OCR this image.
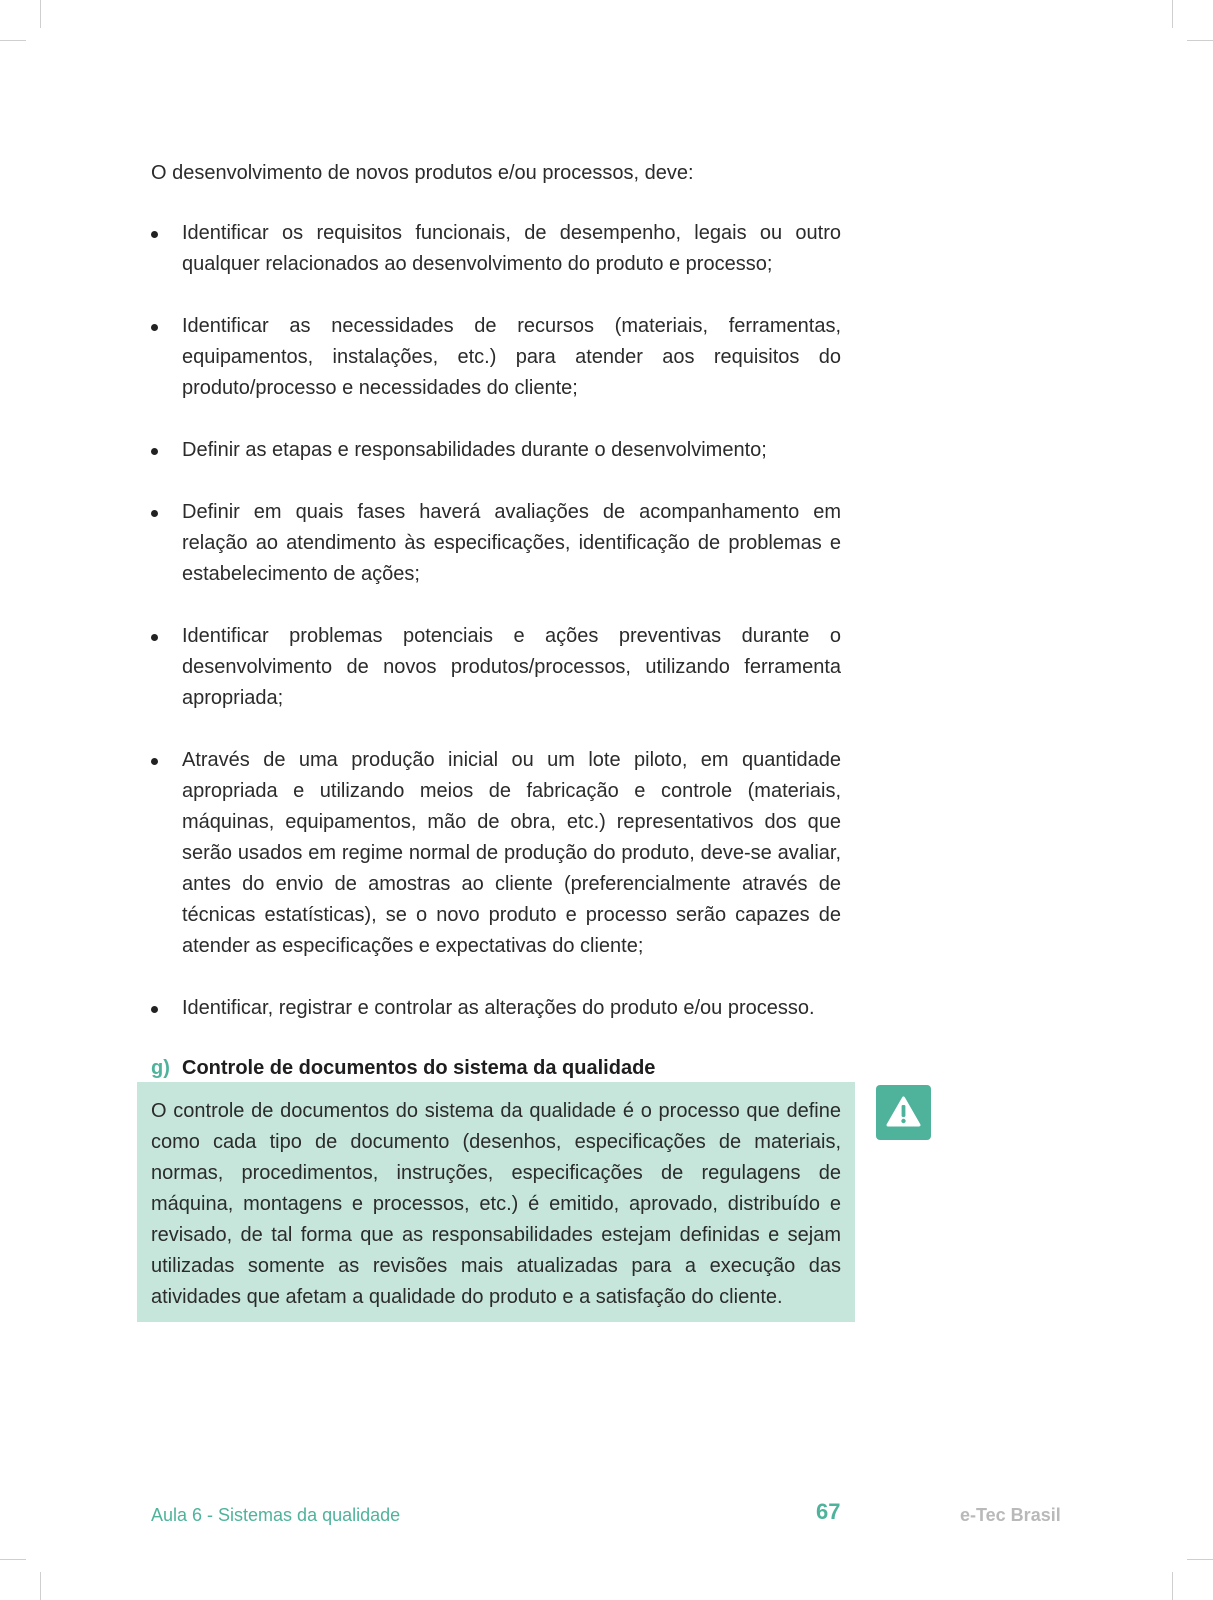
O desenvolvimento de novos produtos e/ou processos, deve:

Identificar os requisitos funcionais, de desempenho, legais ou outro qualquer relacionados ao desenvolvimento do produto e processo;
Identificar as necessidades de recursos (materiais, ferramentas, equipamentos, instalações, etc.) para atender aos requisitos do produto/processo e necessidades do cliente;
Definir as etapas e responsabilidades durante o desenvolvimento;
Definir em quais fases haverá avaliações de acompanhamento em relação ao atendimento às especificações, identificação de problemas e estabelecimento de ações;
Identificar problemas potenciais e ações preventivas durante o desenvolvimento de novos produtos/processos, utilizando ferramenta apropriada;
Através de uma produção inicial ou um lote piloto, em quantidade apropriada e utilizando meios de fabricação e controle (materiais, máquinas, equipamentos, mão de obra, etc.) representativos dos que serão usados em regime normal de produção do produto, deve-se avaliar, antes do envio de amostras ao cliente (preferencialmente através de técnicas estatísticas), se o novo produto e processo serão capazes de atender as especificações e expectativas do cliente;
Identificar, registrar e controlar as alterações do produto e/ou processo.
g) Controle de documentos do sistema da qualidade

O controle de documentos do sistema da qualidade é o processo que define como cada tipo de documento (desenhos, especificações de materiais, normas, procedimentos, instruções, especificações de regulagens de máquina, montagens e processos, etc.) é emitido, aprovado, distribuído e revisado, de tal forma que as responsabilidades estejam definidas e sejam utilizadas somente as revisões mais atualizadas para a execução das atividades que afetam a qualidade do produto e a satisfação do cliente.

Aula 6 - Sistemas da qualidade	67	e-Tec Brasil
